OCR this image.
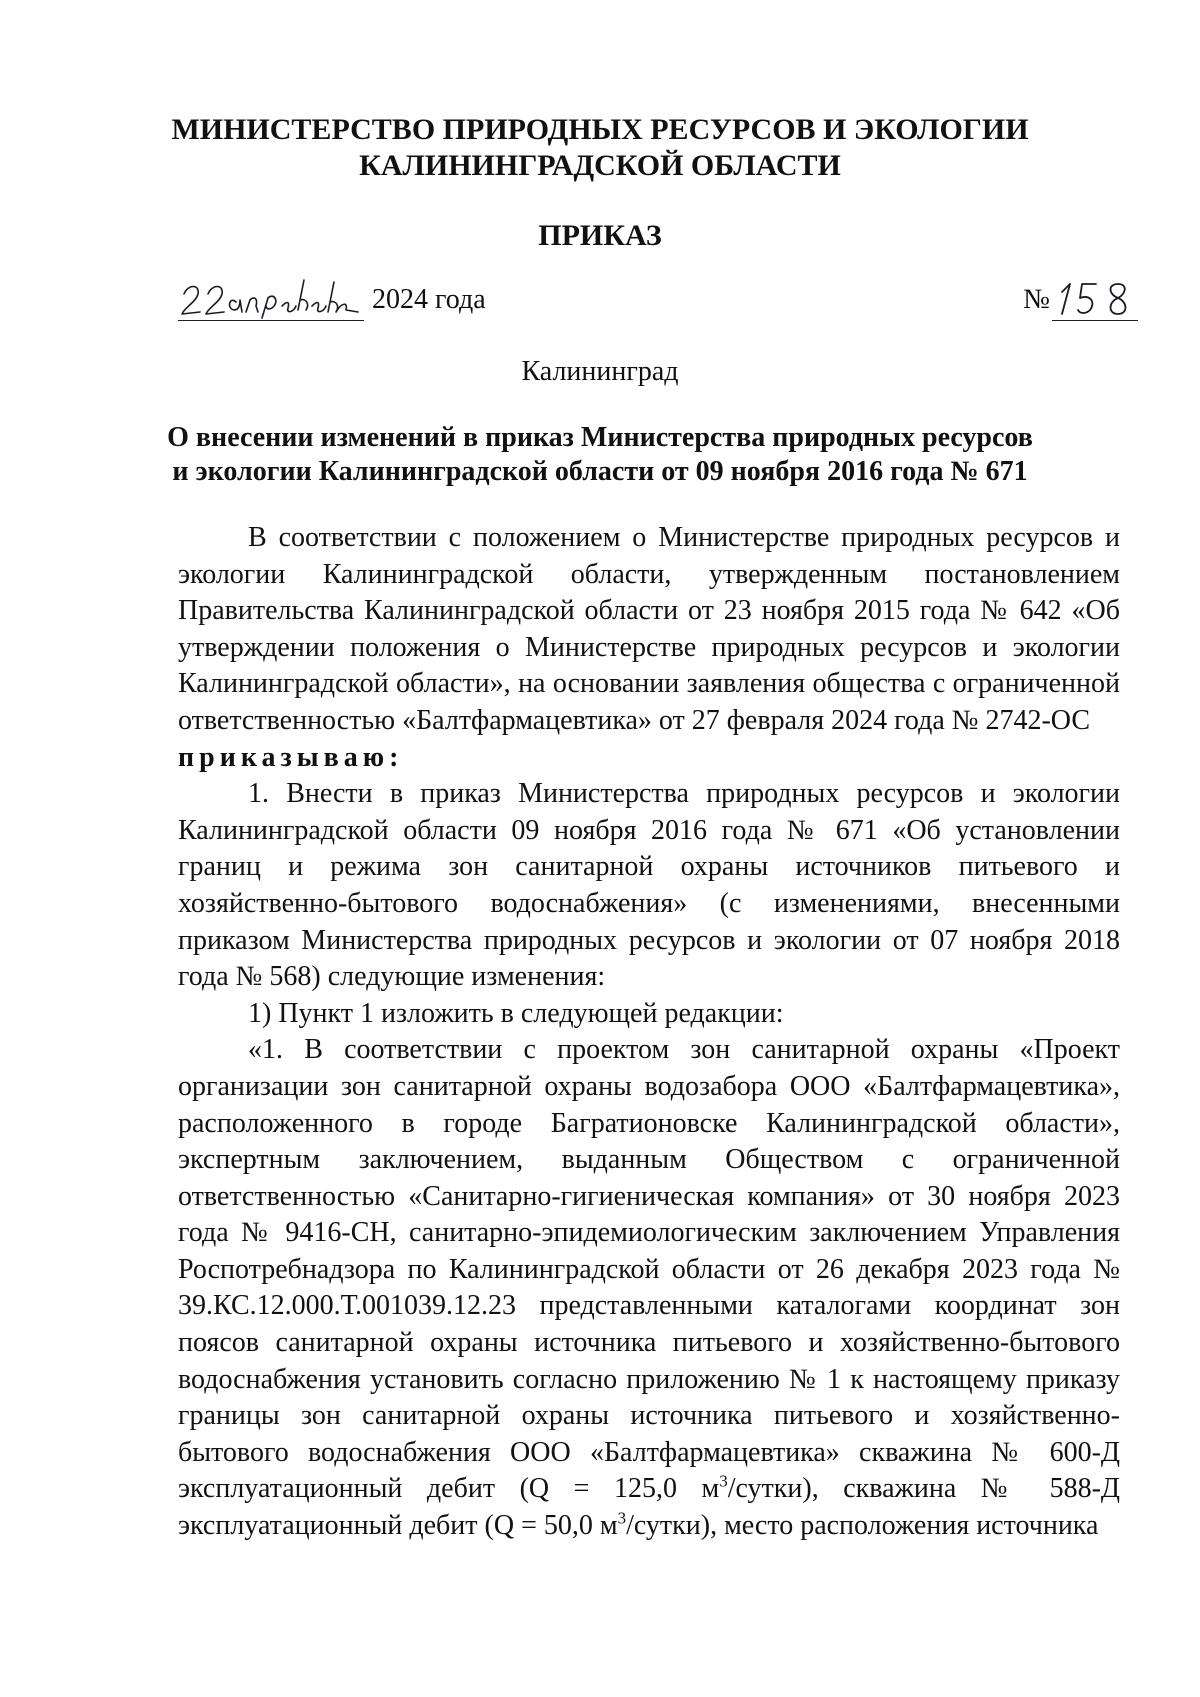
МИНИСТЕРСТВО ПРИРОДНЫХ РЕСУРСОВ И ЭКОЛОГИИ
КАЛИНИНГРАДСКОЙ ОБЛАСТИ
ПРИКАЗ
2024 года	№
Калининград
О внесении изменений в приказ Министерства природных ресурсов
и экологии Калининградской области от 09 ноября 2016 года № 671

В соответствии с положением о Министерстве природных ресурсов и экологии Калининградской области, утвержденным постановлением Правительства Калининградской области от 23 ноября 2015 года № 642 «Об утверждении положения о Министерстве природных ресурсов и экологии Калининградской области», на основании заявления общества с ограниченной ответственностью «Балтфармацевтика» от 27 февраля 2024 года № 2742-ОС

приказываю:

1. Внести в приказ Министерства природных ресурсов и экологии Калининградской области 09 ноября 2016 года № 671 «Об установлении границ и режима зон санитарной охраны источников питьевого и хозяйственно-бытового водоснабжения» (с изменениями, внесенными приказом Министерства природных ресурсов и экологии от 07 ноября 2018 года № 568) следующие изменения:

1) Пункт 1 изложить в следующей редакции:

«1. В соответствии с проектом зон санитарной охраны «Проект организации зон санитарной охраны водозабора ООО «Балтфармацевтика», расположенного в городе Багратионовске Калининградской области», экспертным заключением, выданным Обществом с ограниченной ответственностью «Санитарно-гигиеническая компания» от 30 ноября 2023 года № 9416-СН, санитарно-эпидемиологическим заключением Управления Роспотребнадзора по Калининградской области от 26 декабря 2023 года № 39.КС.12.000.Т.001039.12.23 представленными каталогами координат зон поясов санитарной охраны источника питьевого и хозяйственно-бытового водоснабжения установить согласно приложению № 1 к настоящему приказу границы зон санитарной охраны источника питьевого и хозяйственно-бытового водоснабжения ООО «Балтфармацевтика» скважина № 600-Д эксплуатационный дебит (Q = 125,0 $м^3/сутки$), скважина № 588-Д эксплуатационный дебит (Q = 50,0 $м^3/сутки$), место расположения источника
